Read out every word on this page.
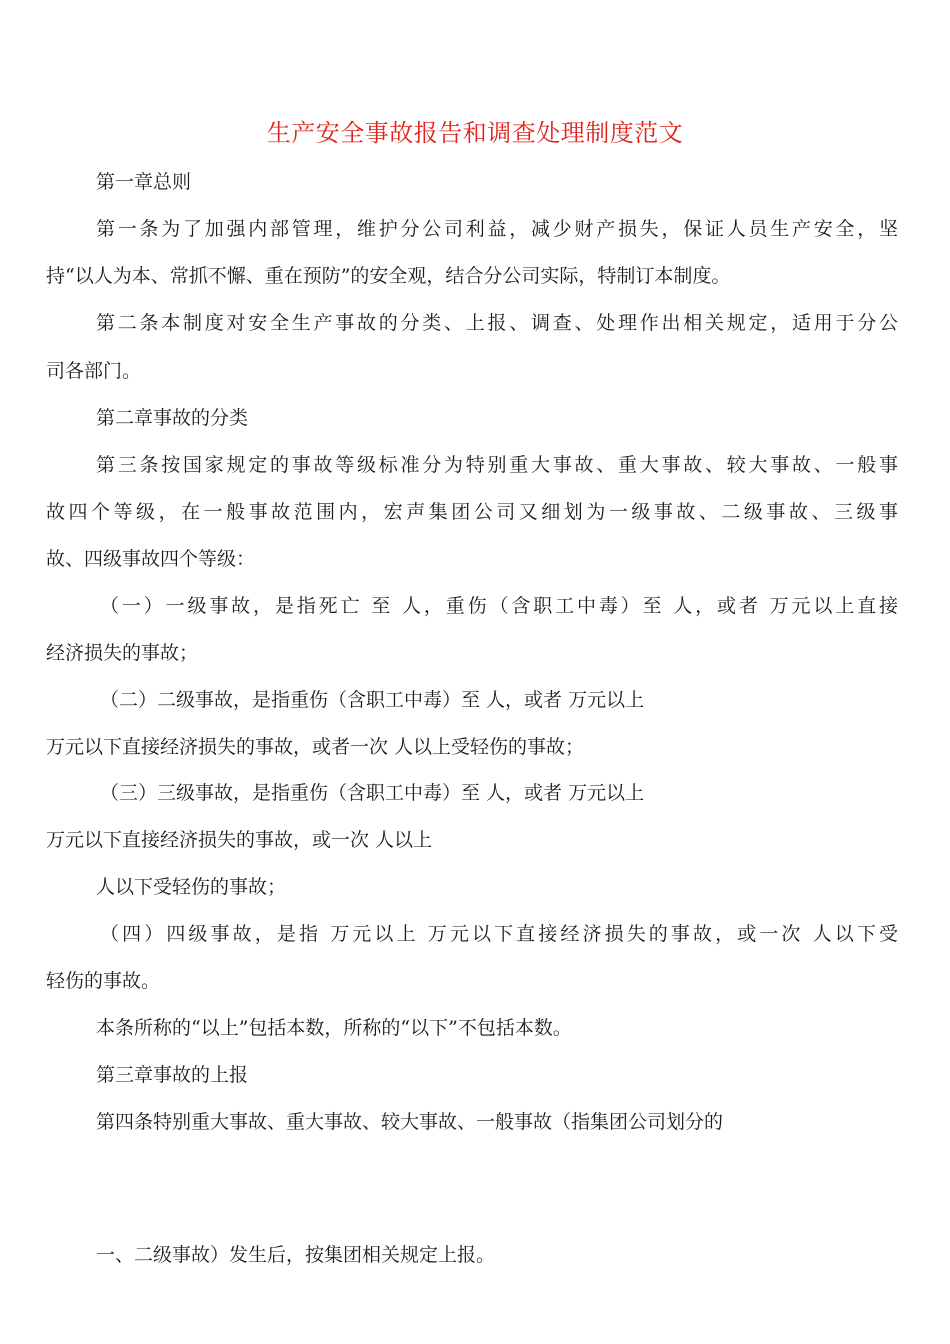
生产安全事故报告和调查处理制度范文
第一章总则
第一条为了加强内部管理，维护分公司利益，减少财产损失，保证人员生产安全，坚
持“以人为本、常抓不懈、重在预防”的安全观，结合分公司实际，特制订本制度。
第二条本制度对安全生产事故的分类、上报、调查、处理作出相关规定，适用于分公
司各部门。
第二章事故的分类
第三条按国家规定的事故等级标准分为特别重大事故、重大事故、较大事故、一般事
故四个等级，在一般事故范围内，宏声集团公司又细划为一级事故、二级事故、三级事
故、四级事故四个等级：
（一）一级事故，是指死亡 至 人，重伤（含职工中毒）至 人，或者 万元以上直接
经济损失的事故；
（二）二级事故，是指重伤（含职工中毒）至 人，或者 万元以上
万元以下直接经济损失的事故，或者一次 人以上受轻伤的事故；
（三）三级事故，是指重伤（含职工中毒）至 人，或者 万元以上
万元以下直接经济损失的事故，或一次 人以上
人以下受轻伤的事故；
（四）四级事故，是指 万元以上 万元以下直接经济损失的事故，或一次 人以下受
轻伤的事故。
本条所称的“以上”包括本数，所称的“以下”不包括本数。
第三章事故的上报
第四条特别重大事故、重大事故、较大事故、一般事故（指集团公司划分的
一、二级事故）发生后，按集团相关规定上报。
